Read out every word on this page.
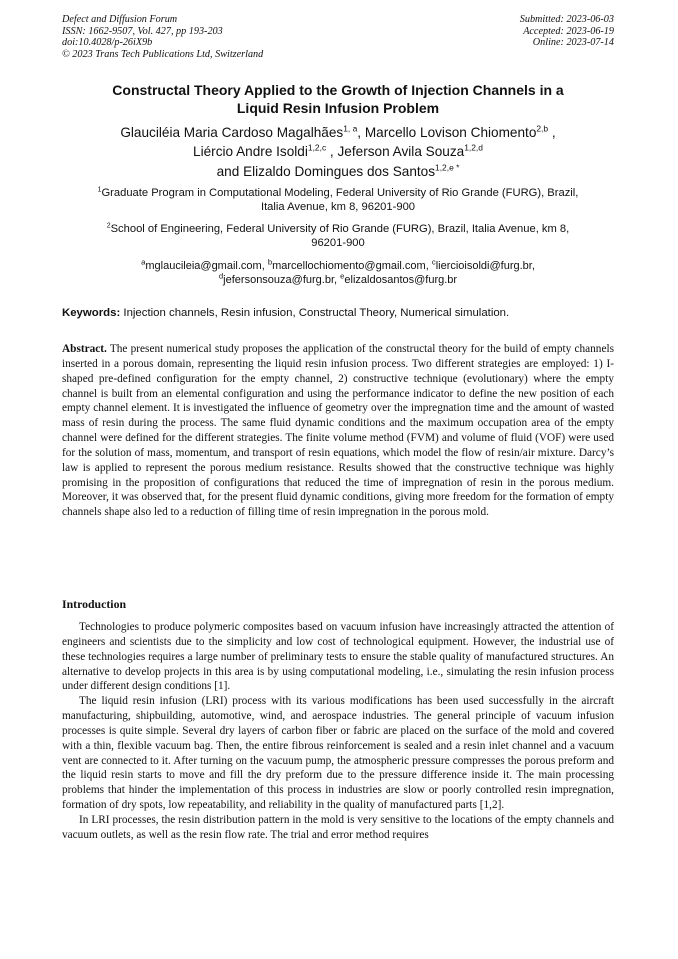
Defect and Diffusion Forum
ISSN: 1662-9507, Vol. 427, pp 193-203
doi:10.4028/p-26iX9b
© 2023 Trans Tech Publications Ltd, Switzerland
Submitted: 2023-06-03
Accepted: 2023-06-19
Online: 2023-07-14
Constructal Theory Applied to the Growth of Injection Channels in a
Liquid Resin Infusion Problem
Glauciléia Maria Cardoso Magalhães$^{1, a}$, Marcello Lovison Chiomento$^{2,b}$ ,
Liércio Andre Isoldi$^{1,2,c}$ , Jeferson Avila Souza$^{1,2,d}$
and Elizaldo Domingues dos Santos$^{1,2,e *}$
$^1$Graduate Program in Computational Modeling, Federal University of Rio Grande (FURG), Brazil,
Italia Avenue, km 8, 96201-900
$^2$School of Engineering, Federal University of Rio Grande (FURG), Brazil, Italia Avenue, km 8,
96201-900
$^a$mglaucileia@gmail.com, $^b$marcellochiomento@gmail.com, $^c$liercioisoldi@furg.br,
$^d$jefersonsouza@furg.br, $^e$elizaldosantos@furg.br
Keywords: Injection channels, Resin infusion, Constructal Theory, Numerical simulation.
Abstract. The present numerical study proposes the application of the constructal theory for the build of empty channels inserted in a porous domain, representing the liquid resin infusion process. Two different strategies are employed: 1) I-shaped pre-defined configuration for the empty channel, 2) constructive technique (evolutionary) where the empty channel is built from an elemental configuration and using the performance indicator to define the new position of each empty channel element. It is investigated the influence of geometry over the impregnation time and the amount of wasted mass of resin during the process. The same fluid dynamic conditions and the maximum occupation area of the empty channel were defined for the different strategies. The finite volume method (FVM) and volume of fluid (VOF) were used for the solution of mass, momentum, and transport of resin equations, which model the flow of resin/air mixture. Darcy’s law is applied to represent the porous medium resistance. Results showed that the constructive technique was highly promising in the proposition of configurations that reduced the time of impregnation of resin in the porous medium. Moreover, it was observed that, for the present fluid dynamic conditions, giving more freedom for the formation of empty channels shape also led to a reduction of filling time of resin impregnation in the porous mold.
Introduction

Technologies to produce polymeric composites based on vacuum infusion have increasingly attracted the attention of engineers and scientists due to the simplicity and low cost of technological equipment. However, the industrial use of these technologies requires a large number of preliminary tests to ensure the stable quality of manufactured structures. An alternative to develop projects in this area is by using computational modeling, i.e., simulating the resin infusion process under different design conditions [1].

The liquid resin infusion (LRI) process with its various modifications has been used successfully in the aircraft manufacturing, shipbuilding, automotive, wind, and aerospace industries. The general principle of vacuum infusion processes is quite simple. Several dry layers of carbon fiber or fabric are placed on the surface of the mold and covered with a thin, flexible vacuum bag. Then, the entire fibrous reinforcement is sealed and a resin inlet channel and a vacuum vent are connected to it. After turning on the vacuum pump, the atmospheric pressure compresses the porous preform and the liquid resin starts to move and fill the dry preform due to the pressure difference inside it. The main processing problems that hinder the implementation of this process in industries are slow or poorly controlled resin impregnation, formation of dry spots, low repeatability, and reliability in the quality of manufactured parts [1,2].

In LRI processes, the resin distribution pattern in the mold is very sensitive to the locations of the empty channels and vacuum outlets, as well as the resin flow rate. The trial and error method requires
